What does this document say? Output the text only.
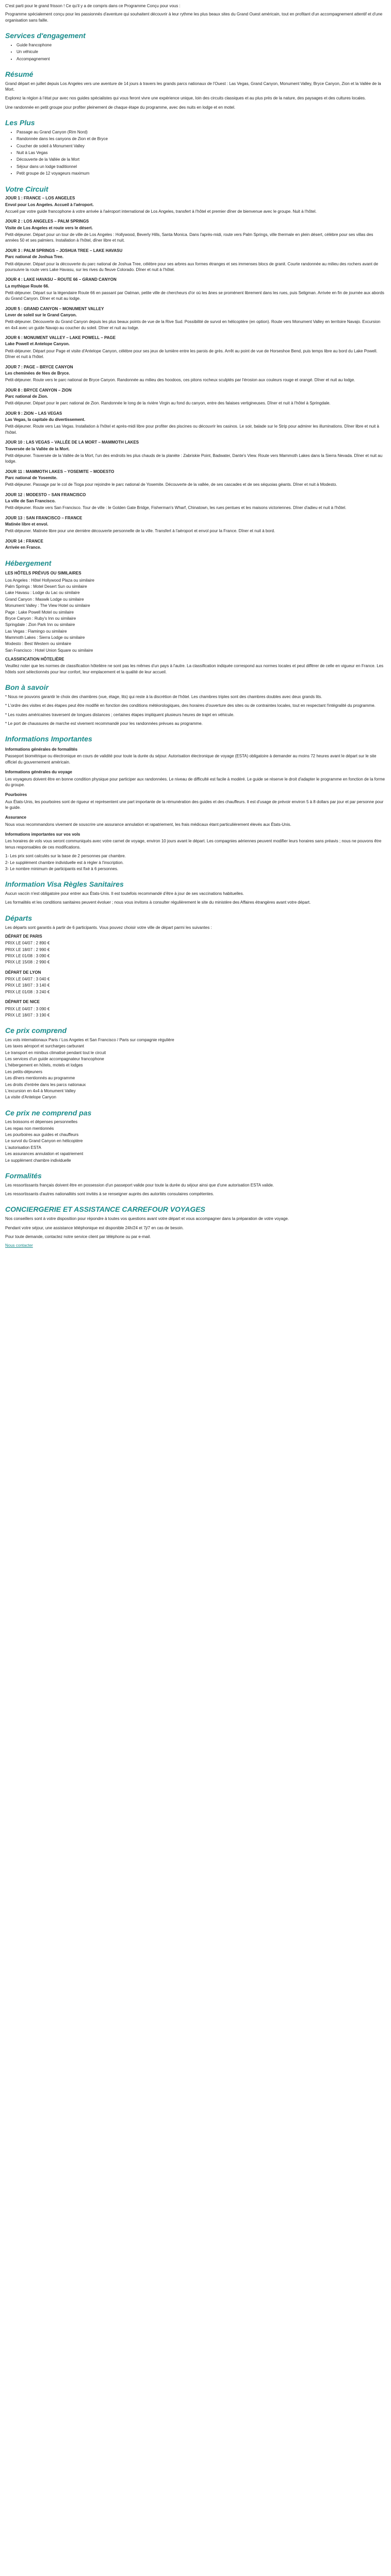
C'est parti pour le grand frisson ! Ce qu'il y a de compris dans ce Programme Conçu pour vous :

Programme spécialement conçu pour les passionnés d'aventure qui souhaitent découvrir à leur rythme les plus beaux sites du Grand Ouest américain, tout en profitant d'un accompagnement attentif et d'une organisation sans faille.

Services d'engagement
• Guide francophone
• Un véhicule
• Accompagnement
Résumé

Grand départ en juillet depuis Los Angeles vers une aventure de 14 jours à travers les grands parcs nationaux de l'Ouest : Las Vegas, Grand Canyon, Monument Valley, Bryce Canyon, Zion et la Vallée de la Mort.

Explorez la région à l'état pur avec nos guides spécialistes qui vous feront vivre une expérience unique, loin des circuits classiques et au plus près de la nature, des paysages et des cultures locales.

Une randonnée en petit groupe pour profiter pleinement de chaque étape du programme, avec des nuits en lodge et en motel.

Les Plus
• Passage au Grand Canyon (Rim Nord)
• Randonnée dans les canyons de Zion et de Bryce
• Coucher de soleil à Monument Valley
• Nuit à Las Vegas
• Découverte de la Vallée de la Mort
• Séjour dans un lodge traditionnel
• Petit groupe de 12 voyageurs maximum
Votre Circuit
JOUR 1 : FRANCE – LOS ANGELES
Envol pour Los Angeles. Accueil à l'aéroport.

Accueil par votre guide francophone à votre arrivée à l'aéroport international de Los Angeles, transfert à l'hôtel et premier dîner de bienvenue avec le groupe. Nuit à l'hôtel.

JOUR 2 : LOS ANGELES – PALM SPRINGS
Visite de Los Angeles et route vers le désert.

Petit-déjeuner. Départ pour un tour de ville de Los Angeles : Hollywood, Beverly Hills, Santa Monica. Dans l'après-midi, route vers Palm Springs, ville thermale en plein désert, célèbre pour ses villas des années 50 et ses palmiers. Installation à l'hôtel, dîner libre et nuit.

JOUR 3 : PALM SPRINGS – JOSHUA TREE – LAKE HAVASU
Parc national de Joshua Tree.

Petit-déjeuner. Départ pour la découverte du parc national de Joshua Tree, célèbre pour ses arbres aux formes étranges et ses immenses blocs de granit. Courte randonnée au milieu des rochers avant de poursuivre la route vers Lake Havasu, sur les rives du fleuve Colorado. Dîner et nuit à l'hôtel.

JOUR 4 : LAKE HAVASU – ROUTE 66 – GRAND CANYON
La mythique Route 66.

Petit-déjeuner. Départ sur la légendaire Route 66 en passant par Oatman, petite ville de chercheurs d'or où les ânes se promènent librement dans les rues, puis Seligman. Arrivée en fin de journée aux abords du Grand Canyon. Dîner et nuit au lodge.

JOUR 5 : GRAND CANYON – MONUMENT VALLEY
Lever de soleil sur le Grand Canyon.

Petit-déjeuner. Découverte du Grand Canyon depuis les plus beaux points de vue de la Rive Sud. Possibilité de survol en hélicoptère (en option). Route vers Monument Valley en territoire Navajo. Excursion en 4x4 avec un guide Navajo au coucher du soleil. Dîner et nuit au lodge.

JOUR 6 : MONUMENT VALLEY – LAKE POWELL – PAGE
Lake Powell et Antelope Canyon.

Petit-déjeuner. Départ pour Page et visite d'Antelope Canyon, célèbre pour ses jeux de lumière entre les parois de grès. Arrêt au point de vue de Horseshoe Bend, puis temps libre au bord du Lake Powell. Dîner et nuit à l'hôtel.

JOUR 7 : PAGE – BRYCE CANYON
Les cheminées de fées de Bryce.

Petit-déjeuner. Route vers le parc national de Bryce Canyon. Randonnée au milieu des hoodoos, ces pitons rocheux sculptés par l'érosion aux couleurs rouge et orangé. Dîner et nuit au lodge.

JOUR 8 : BRYCE CANYON – ZION
Parc national de Zion.

Petit-déjeuner. Départ pour le parc national de Zion. Randonnée le long de la rivière Virgin au fond du canyon, entre des falaises vertigineuses. Dîner et nuit à l'hôtel à Springdale.

JOUR 9 : ZION – LAS VEGAS
Las Vegas, la capitale du divertissement.

Petit-déjeuner. Route vers Las Vegas. Installation à l'hôtel et après-midi libre pour profiter des piscines ou découvrir les casinos. Le soir, balade sur le Strip pour admirer les illuminations. Dîner libre et nuit à l'hôtel.

JOUR 10 : LAS VEGAS – VALLÉE DE LA MORT – MAMMOTH LAKES
Traversée de la Vallée de la Mort.

Petit-déjeuner. Traversée de la Vallée de la Mort, l'un des endroits les plus chauds de la planète : Zabriskie Point, Badwater, Dante's View. Route vers Mammoth Lakes dans la Sierra Nevada. Dîner et nuit au lodge.

JOUR 11 : MAMMOTH LAKES – YOSEMITE – MODESTO
Parc national de Yosemite.

Petit-déjeuner. Passage par le col de Tioga pour rejoindre le parc national de Yosemite. Découverte de la vallée, de ses cascades et de ses séquoias géants. Dîner et nuit à Modesto.

JOUR 12 : MODESTO – SAN FRANCISCO
La ville de San Francisco.

Petit-déjeuner. Route vers San Francisco. Tour de ville : le Golden Gate Bridge, Fisherman's Wharf, Chinatown, les rues pentues et les maisons victoriennes. Dîner d'adieu et nuit à l'hôtel.

JOUR 13 : SAN FRANCISCO – FRANCE
Matinée libre et envol.

Petit-déjeuner. Matinée libre pour une dernière découverte personnelle de la ville. Transfert à l'aéroport et envol pour la France. Dîner et nuit à bord.

JOUR 14 : FRANCE
Arrivée en France.
Hébergement
LES HÔTELS PRÉVUS OU SIMILAIRES
Los Angeles : Hôtel Hollywood Plaza ou similaire
Palm Springs : Motel Desert Sun ou similaire
Lake Havasu : Lodge du Lac ou similaire
Grand Canyon : Maswik Lodge ou similaire
Monument Valley : The View Hotel ou similaire
Page : Lake Powell Motel ou similaire
Bryce Canyon : Ruby's Inn ou similaire
Springdale : Zion Park Inn ou similaire
Las Vegas : Flamingo ou similaire
Mammoth Lakes : Sierra Lodge ou similaire
Modesto : Best Western ou similaire
San Francisco : Hotel Union Square ou similaire
CLASSIFICATION HÔTELIÈRE

Veuillez noter que les normes de classification hôtelière ne sont pas les mêmes d'un pays à l'autre. La classification indiquée correspond aux normes locales et peut différer de celle en vigueur en France. Les hôtels sont sélectionnés pour leur confort, leur emplacement et la qualité de leur accueil.

Bon à savoir

* Nous ne pouvons garantir le choix des chambres (vue, étage, lits) qui reste à la discrétion de l'hôtel. Les chambres triples sont des chambres doubles avec deux grands lits.

* L'ordre des visites et des étapes peut être modifié en fonction des conditions météorologiques, des horaires d'ouverture des sites ou de contraintes locales, tout en respectant l'intégralité du programme.

* Les routes américaines traversent de longues distances ; certaines étapes impliquent plusieurs heures de trajet en véhicule.

* Le port de chaussures de marche est vivement recommandé pour les randonnées prévues au programme.

Informations Importantes
Informations générales de formalités

Passeport biométrique ou électronique en cours de validité pour toute la durée du séjour. Autorisation électronique de voyage (ESTA) obligatoire à demander au moins 72 heures avant le départ sur le site officiel du gouvernement américain.

Informations générales du voyage

Les voyageurs doivent être en bonne condition physique pour participer aux randonnées. Le niveau de difficulté est facile à modéré. Le guide se réserve le droit d'adapter le programme en fonction de la forme du groupe.

Pourboires

Aux États-Unis, les pourboires sont de rigueur et représentent une part importante de la rémunération des guides et des chauffeurs. Il est d'usage de prévoir environ 5 à 8 dollars par jour et par personne pour le guide.

Assurance

Nous vous recommandons vivement de souscrire une assurance annulation et rapatriement, les frais médicaux étant particulièrement élevés aux États-Unis.

Informations importantes sur vos vols

Les horaires de vols vous seront communiqués avec votre carnet de voyage, environ 10 jours avant le départ. Les compagnies aériennes peuvent modifier leurs horaires sans préavis ; nous ne pouvons être tenus responsables de ces modifications.

1- Les prix sont calculés sur la base de 2 personnes par chambre.
2- Le supplément chambre individuelle est à régler à l'inscription.
3- Le nombre minimum de participants est fixé à 6 personnes.
Information Visa Règles Sanitaires

Aucun vaccin n'est obligatoire pour entrer aux États-Unis. Il est toutefois recommandé d'être à jour de ses vaccinations habituelles.

Les formalités et les conditions sanitaires peuvent évoluer ; nous vous invitons à consulter régulièrement le site du ministère des Affaires étrangères avant votre départ.

Départs

Les départs sont garantis à partir de 6 participants. Vous pouvez choisir votre ville de départ parmi les suivantes :

DÉPART DE PARIS
PRIX LE 04/07 : 2 890 €
PRIX LE 18/07 : 2 990 €
PRIX LE 01/08 : 3 090 €
PRIX LE 15/08 : 2 990 €
DÉPART DE LYON
PRIX LE 04/07 : 3 040 €
PRIX LE 18/07 : 3 140 €
PRIX LE 01/08 : 3 240 €
DÉPART DE NICE
PRIX LE 04/07 : 3 090 €
PRIX LE 18/07 : 3 190 €
Ce prix comprend
Les vols internationaux Paris / Los Angeles et San Francisco / Paris sur compagnie régulière
Les taxes aéroport et surcharges carburant
Le transport en minibus climatisé pendant tout le circuit
Les services d'un guide accompagnateur francophone
L'hébergement en hôtels, motels et lodges
Les petits-déjeuners
Les dîners mentionnés au programme
Les droits d'entrée dans les parcs nationaux
L'excursion en 4x4 à Monument Valley
La visite d'Antelope Canyon
Ce prix ne comprend pas
Les boissons et dépenses personnelles
Les repas non mentionnés
Les pourboires aux guides et chauffeurs
Le survol du Grand Canyon en hélicoptère
L'autorisation ESTA
Les assurances annulation et rapatriement
Le supplément chambre individuelle
Formalités

Les ressortissants français doivent être en possession d'un passeport valide pour toute la durée du séjour ainsi que d'une autorisation ESTA valide.

Les ressortissants d'autres nationalités sont invités à se renseigner auprès des autorités consulaires compétentes.

CONCIERGERIE ET ASSISTANCE CARREFOUR VOYAGES

Nos conseillers sont à votre disposition pour répondre à toutes vos questions avant votre départ et vous accompagner dans la préparation de votre voyage.

Pendant votre séjour, une assistance téléphonique est disponible 24h/24 et 7j/7 en cas de besoin.

Pour toute demande, contactez notre service client par téléphone ou par e-mail.

Nous contacter
